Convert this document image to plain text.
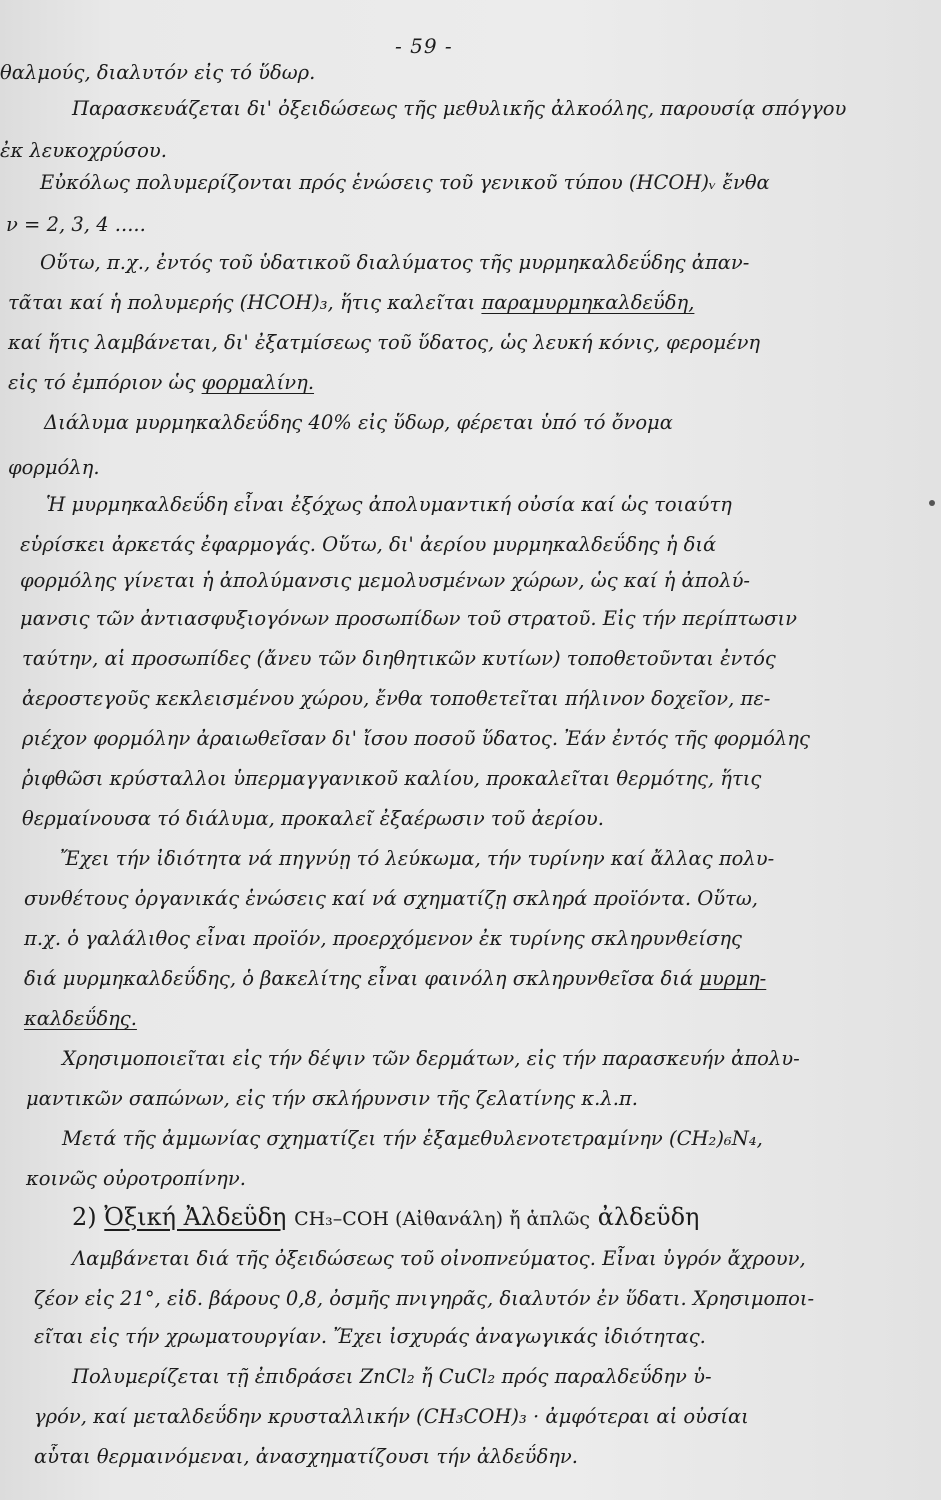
- 59 -
θαλμούς, διαλυτόν εἰς τό ὕδωρ.
Παρασκευάζεται δι' ὀξειδώσεως τῆς μεθυλικῆς ἀλκοόλης, παρουσίᾳ σπόγγου
ἐκ λευκοχρύσου.
Εὐκόλως πολυμερίζονται πρός ἑνώσεις τοῦ γενικοῦ τύπου (HCOH)ᵥ ἔνθα
ν = 2, 3, 4 .....
Οὕτω, π.χ., ἐντός τοῦ ὑδατικοῦ διαλύματος τῆς μυρμηκαλδεΰδης ἀπαν-
τᾶται καί ἡ πολυμερής (HCOH)₃, ἥτις καλεῖται παραμυρμηκαλδεΰδη,
καί ἥτις λαμβάνεται, δι' ἐξατμίσεως τοῦ ὕδατος, ὡς λευκή κόνις, φερομένη
εἰς τό ἐμπόριον ὡς φορμαλίνη.
Διάλυμα μυρμηκαλδεΰδης 40% εἰς ὕδωρ, φέρεται ὑπό τό ὄνομα
φορμόλη.
Ἡ μυρμηκαλδεΰδη εἶναι ἐξόχως ἀπολυμαντική οὐσία καί ὡς τοιαύτη
εὑρίσκει ἀρκετάς ἐφαρμογάς. Οὕτω, δι' ἀερίου μυρμηκαλδεΰδης ἡ διά
φορμόλης γίνεται ἡ ἀπολύμανσις μεμολυσμένων χώρων, ὡς καί ἡ ἀπολύ-
μανσις τῶν ἀντιασφυξιογόνων προσωπίδων τοῦ στρατοῦ. Εἰς τήν περίπτωσιν
ταύτην, αἱ προσωπίδες (ἄνευ τῶν διηθητικῶν κυτίων) τοποθετοῦνται ἐντός
ἀεροστεγοῦς κεκλεισμένου χώρου, ἔνθα τοποθετεῖται πήλινον δοχεῖον, πε-
ριέχον φορμόλην ἀραιωθεῖσαν δι' ἴσου ποσοῦ ὕδατος. Ἐάν ἐντός τῆς φορμόλης
ῥιφθῶσι κρύσταλλοι ὑπερμαγγανικοῦ καλίου, προκαλεῖται θερμότης, ἥτις
θερμαίνουσα τό διάλυμα, προκαλεῖ ἐξαέρωσιν τοῦ ἀερίου.
Ἔχει τήν ἰδιότητα νά πηγνύῃ τό λεύκωμα, τήν τυρίνην καί ἄλλας πολυ-
συνθέτους ὀργανικάς ἑνώσεις καί νά σχηματίζῃ σκληρά προϊόντα. Οὕτω,
π.χ. ὁ γαλάλιθος εἶναι προϊόν, προερχόμενον ἐκ τυρίνης σκληρυνθείσης
διά μυρμηκαλδεΰδης, ὁ βακελίτης εἶναι φαινόλη σκληρυνθεῖσα διά μυρμη-
καλδεΰδης.
Χρησιμοποιεῖται εἰς τήν δέψιν τῶν δερμάτων, εἰς τήν παρασκευήν ἀπολυ-
μαντικῶν σαπώνων, εἰς τήν σκλήρυνσιν τῆς ζελατίνης κ.λ.π.
Μετά τῆς ἀμμωνίας σχηματίζει τήν ἑξαμεθυλενοτετραμίνην (CH₂)₆N₄,
κοινῶς οὐροτροπίνην.
2) Ὀξική Ἀλδεΰδη CH₃–COH (Αἰθανάλη) ἤ ἁπλῶς ἀλδεΰδη
Λαμβάνεται διά τῆς ὀξειδώσεως τοῦ οἰνοπνεύματος. Εἶναι ὑγρόν ἄχρουν,
ζέον εἰς 21°, εἰδ. βάρους 0,8, ὀσμῆς πνιγηρᾶς, διαλυτόν ἐν ὕδατι. Χρησιμοποι-
εῖται εἰς τήν χρωματουργίαν. Ἔχει ἰσχυράς ἀναγωγικάς ἰδιότητας.
Πολυμερίζεται τῇ ἐπιδράσει ZnCl₂ ἤ CuCl₂ πρός παραλδεΰδην ὑ-
γρόν, καί μεταλδεΰδην κρυσταλλικήν (CH₃COH)₃ · ἀμφότεραι αἱ οὐσίαι
αὗται θερμαινόμεναι, ἀνασχηματίζουσι τήν ἀλδεΰδην.
